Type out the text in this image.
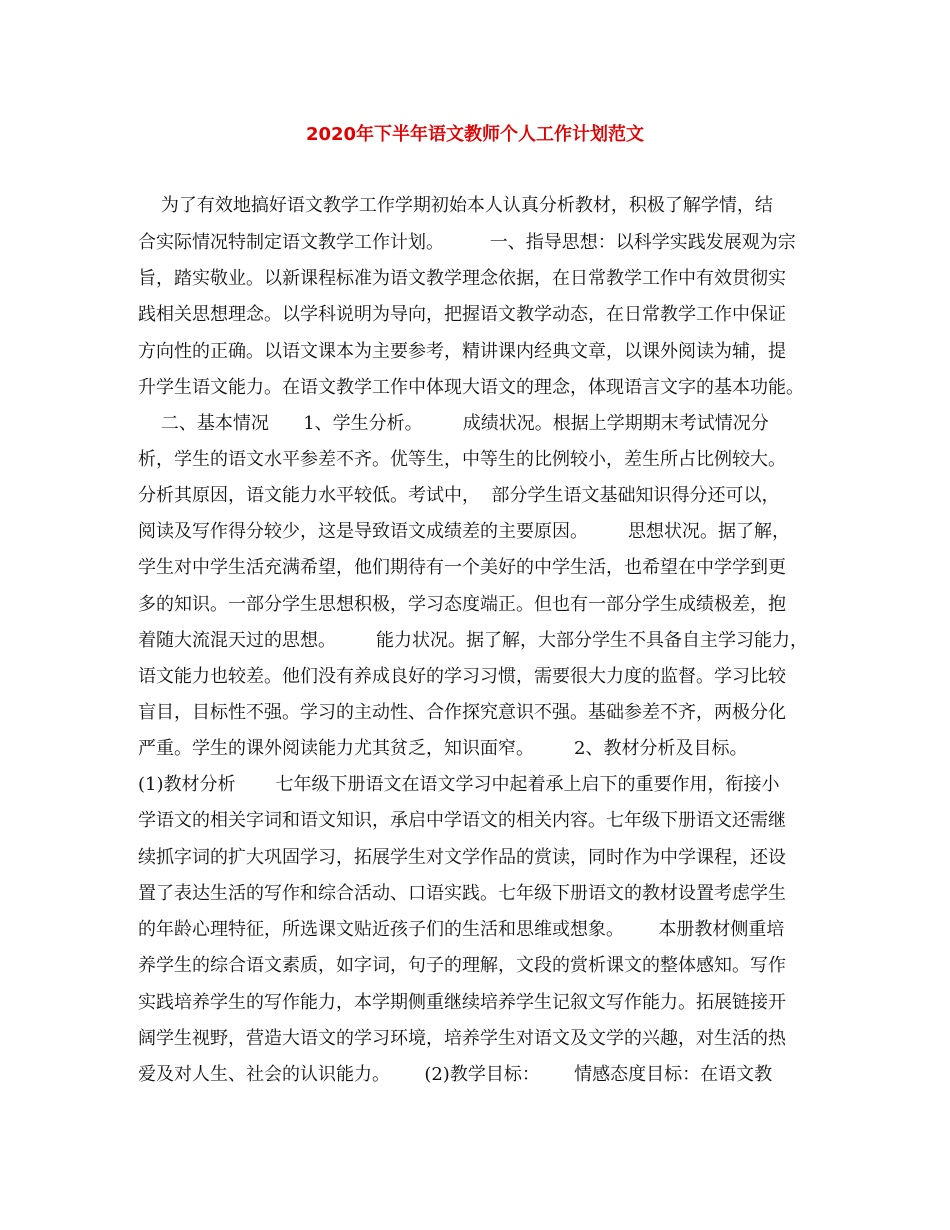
2020年下半年语文教师个人工作计划范文
为了有效地搞好语文教学工作学期初始本人认真分析教材，积极了解学情，结
合实际情况特制定语文教学工作计划。        一、指导思想：以科学实践发展观为宗
旨，踏实敬业。以新课程标准为语文教学理念依据，在日常教学工作中有效贯彻实
践相关思想理念。以学科说明为导向，把握语文教学动态，在日常教学工作中保证
方向性的正确。以语文课本为主要参考，精讲课内经典文章，以课外阅读为辅，提
升学生语文能力。在语文教学工作中体现大语文的理念，体现语言文字的基本功能。
二、基本情况      1、学生分析。       成绩状况。根据上学期期末考试情况分
析，学生的语文水平参差不齐。优等生，中等生的比例较小，差生所占比例较大。
分析其原因，语文能力水平较低。考试中，  部分学生语文基础知识得分还可以，
阅读及写作得分较少，这是导致语文成绩差的主要原因。       思想状况。据了解，
学生对中学生活充满希望，他们期待有一个美好的中学生活，也希望在中学学到更
多的知识。一部分学生思想积极，学习态度端正。但也有一部分学生成绩极差，抱
着随大流混天过的思想。       能力状况。据了解，大部分学生不具备自主学习能力，
语文能力也较差。他们没有养成良好的学习习惯，需要很大力度的监督。学习比较
盲目，目标性不强。学习的主动性、合作探究意识不强。基础参差不齐，两极分化
严重。学生的课外阅读能力尤其贫乏，知识面窄。       2、教材分析及目标。
(1)教材分析       七年级下册语文在语文学习中起着承上启下的重要作用，衔接小
学语文的相关字词和语文知识，承启中学语文的相关内容。七年级下册语文还需继
续抓字词的扩大巩固学习，拓展学生对文学作品的赏读，同时作为中学课程，还设
置了表达生活的写作和综合活动、口语实践。七年级下册语文的教材设置考虑学生
的年龄心理特征，所选课文贴近孩子们的生活和思维或想象。      本册教材侧重培
养学生的综合语文素质，如字词，句子的理解，文段的赏析课文的整体感知。写作
实践培养学生的写作能力，本学期侧重继续培养学生记叙文写作能力。拓展链接开
阔学生视野，营造大语文的学习环境，培养学生对语文及文学的兴趣，对生活的热
爱及对人生、社会的认识能力。      (2)教学目标：      情感态度目标：在语文教
